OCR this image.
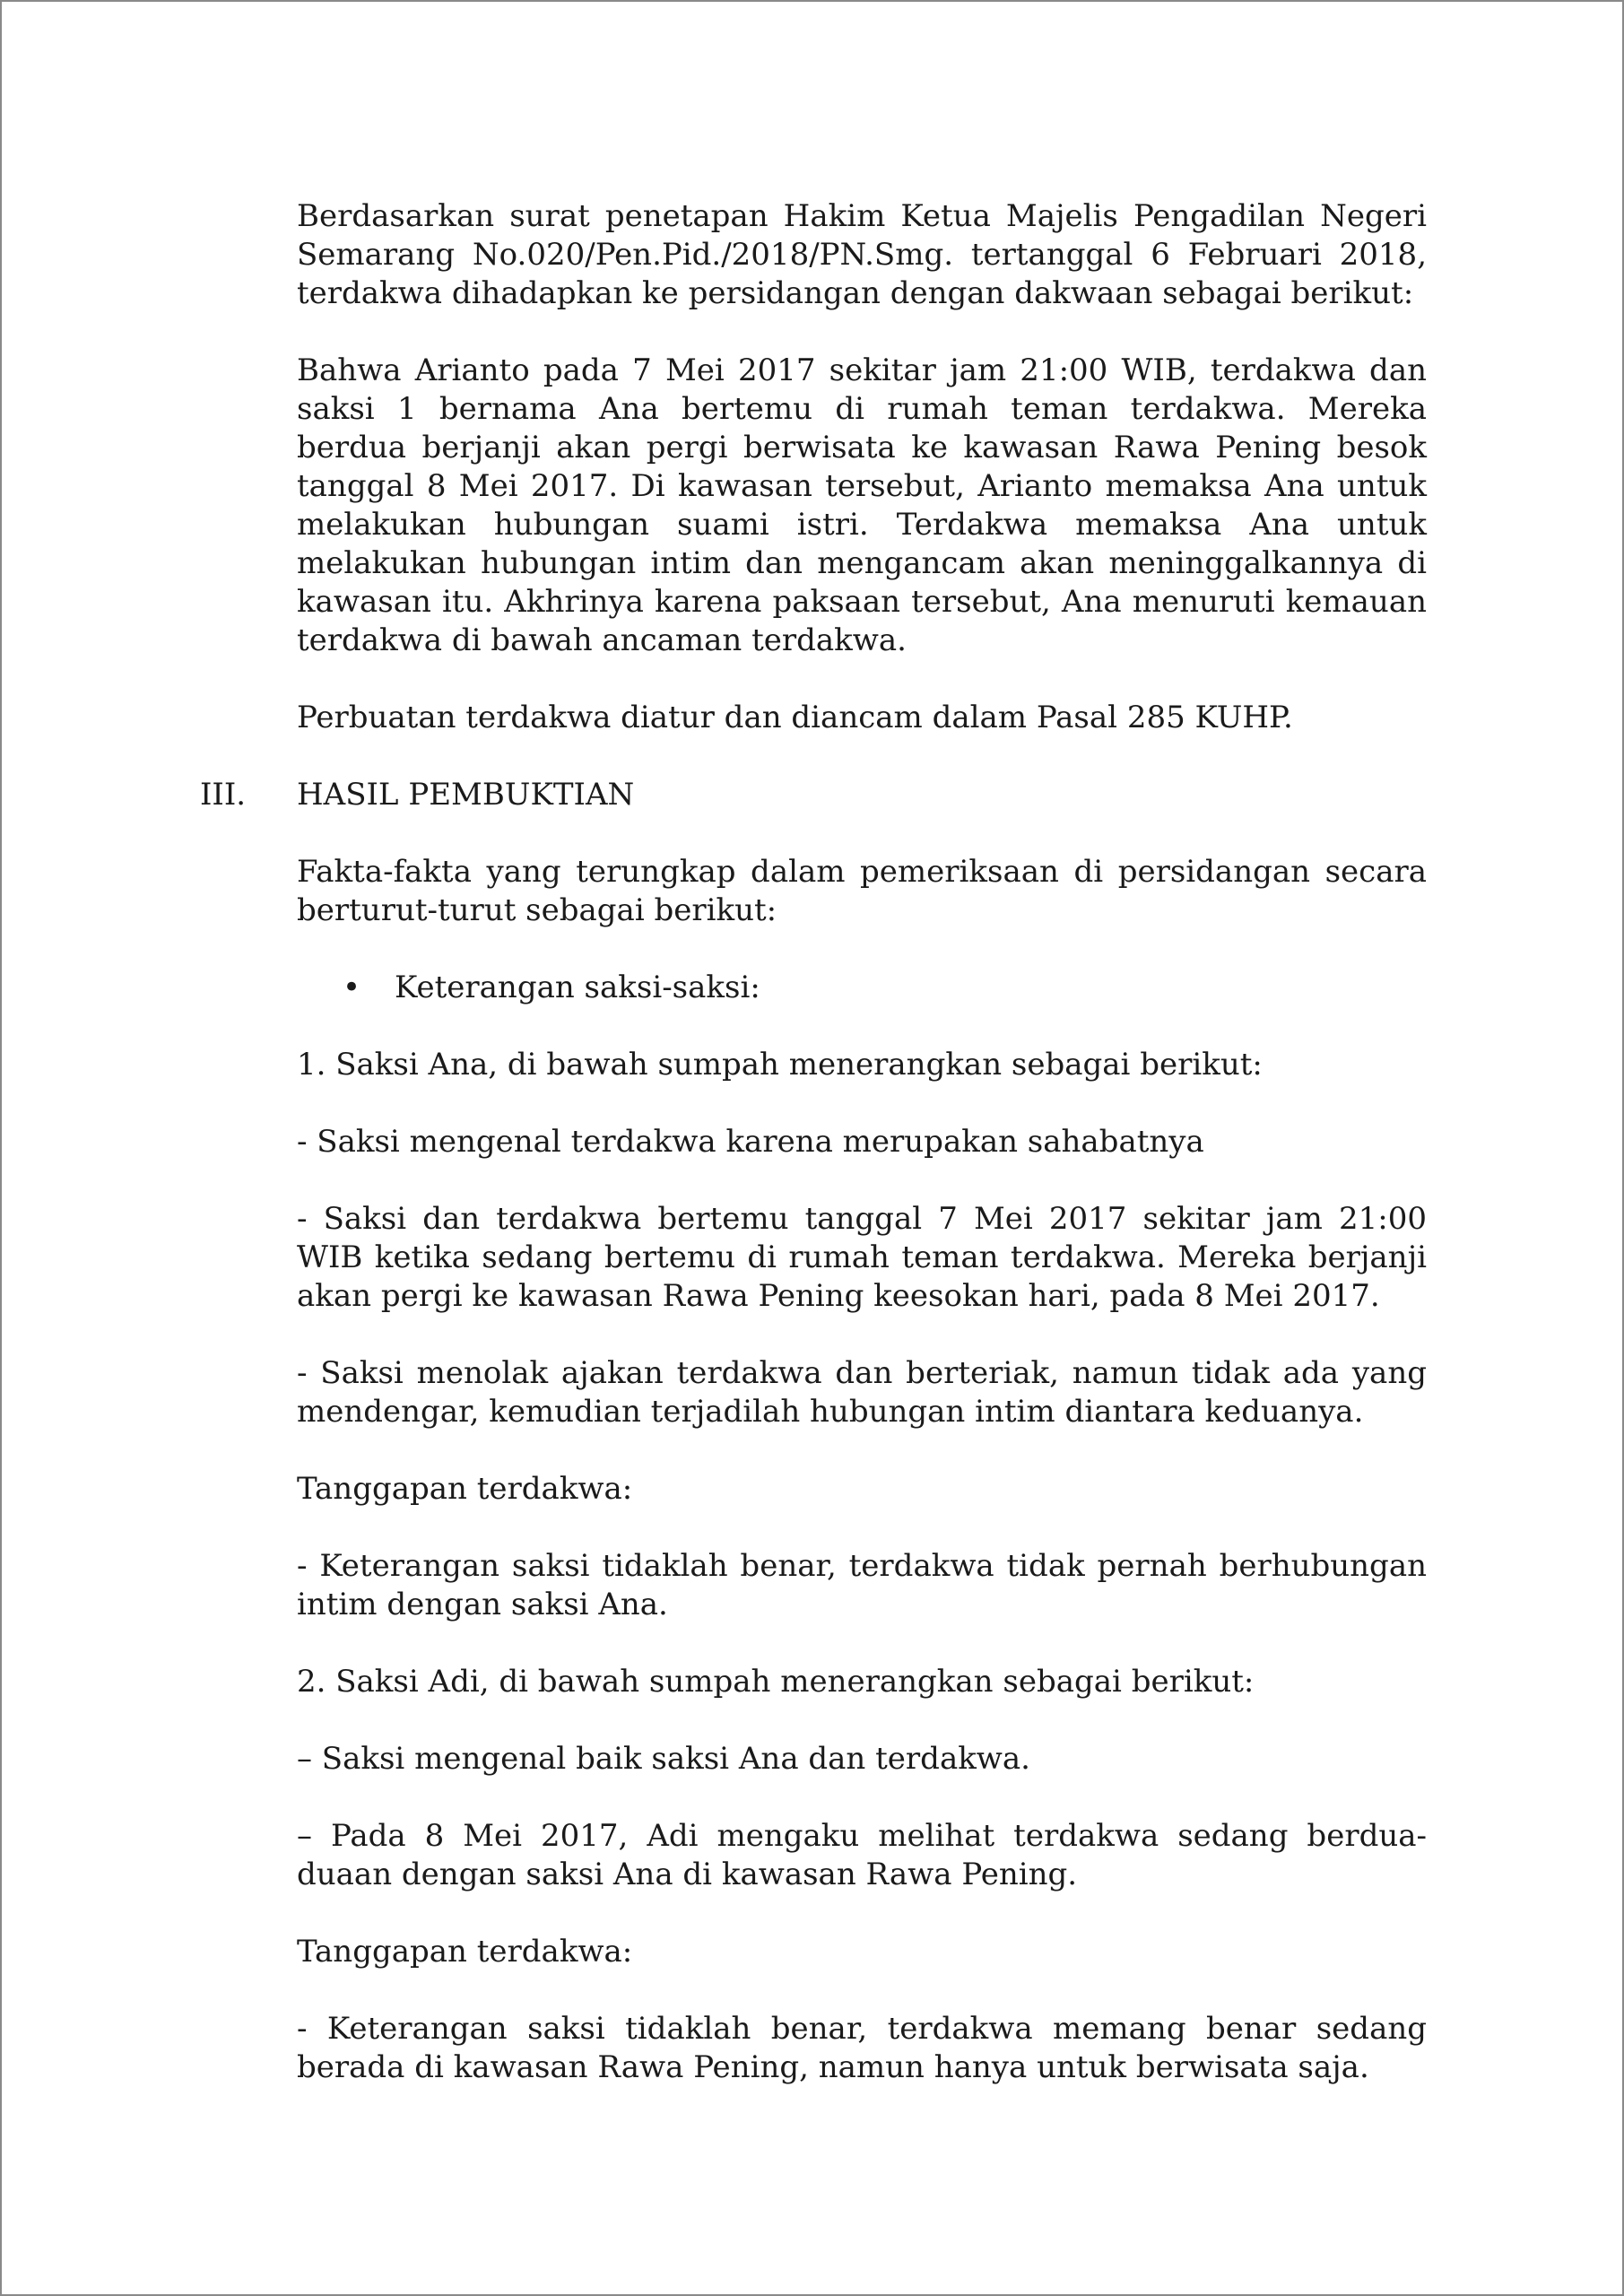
Berdasarkan surat penetapan Hakim Ketua Majelis Pengadilan Negeri Semarang No.020/Pen.Pid./2018/PN.Smg. tertanggal 6 Februari 2018, terdakwa dihadapkan ke persidangan dengan dakwaan sebagai berikut:

Bahwa Arianto pada 7 Mei 2017 sekitar jam 21:00 WIB, terdakwa dan saksi 1 bernama Ana bertemu di rumah teman terdakwa. Mereka berdua berjanji akan pergi berwisata ke kawasan Rawa Pening besok tanggal 8 Mei 2017. Di kawasan tersebut, Arianto memaksa Ana untuk melakukan hubungan suami istri. Terdakwa memaksa Ana untuk melakukan hubungan intim dan mengancam akan meninggalkannya di kawasan itu. Akhrinya karena paksaan tersebut, Ana menuruti kemauan terdakwa di bawah ancaman terdakwa.

Perbuatan terdakwa diatur dan diancam dalam Pasal 285 KUHP.

III. HASIL PEMBUKTIAN

Fakta-fakta yang terungkap dalam pemeriksaan di persidangan secara berturut-turut sebagai berikut:

• Keterangan saksi-saksi:

1. Saksi Ana, di bawah sumpah menerangkan sebagai berikut:

- Saksi mengenal terdakwa karena merupakan sahabatnya

- Saksi dan terdakwa bertemu tanggal 7 Mei 2017 sekitar jam 21:00 WIB ketika sedang bertemu di rumah teman terdakwa. Mereka berjanji akan pergi ke kawasan Rawa Pening keesokan hari, pada 8 Mei 2017.

- Saksi menolak ajakan terdakwa dan berteriak, namun tidak ada yang mendengar, kemudian terjadilah hubungan intim diantara keduanya.

Tanggapan terdakwa:

- Keterangan saksi tidaklah benar, terdakwa tidak pernah berhubungan intim dengan saksi Ana.

2. Saksi Adi, di bawah sumpah menerangkan sebagai berikut:

– Saksi mengenal baik saksi Ana dan terdakwa.

– Pada 8 Mei 2017, Adi mengaku melihat terdakwa sedang berdua-duaan dengan saksi Ana di kawasan Rawa Pening.

Tanggapan terdakwa:

- Keterangan saksi tidaklah benar, terdakwa memang benar sedang berada di kawasan Rawa Pening, namun hanya untuk berwisata saja.
